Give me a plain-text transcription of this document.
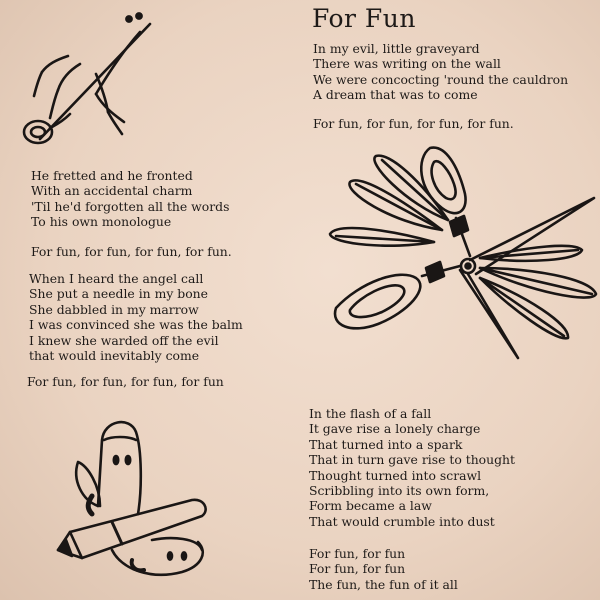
For Fun
In my evil, little graveyard
There was writing on the wall
We were concocting 'round the cauldron
A dream that was to come
For fun, for fun, for fun, for fun.
He fretted and he fronted
With an accidental charm
'Til he'd forgotten all the words
To his own monologue
For fun, for fun, for fun, for fun.
When I heard the angel call
She put a needle in my bone
She dabbled in my marrow
I was convinced she was the balm
I knew she warded off the evil
that would inevitably come
For fun, for fun, for fun, for fun
In the flash of a fall
It gave rise a lonely charge
That turned into a spark
That in turn gave rise to thought
Thought turned into scrawl
Scribbling into its own form,
Form became a law
That would crumble into dust
For fun, for fun
For fun, for fun
The fun, the fun of it all
